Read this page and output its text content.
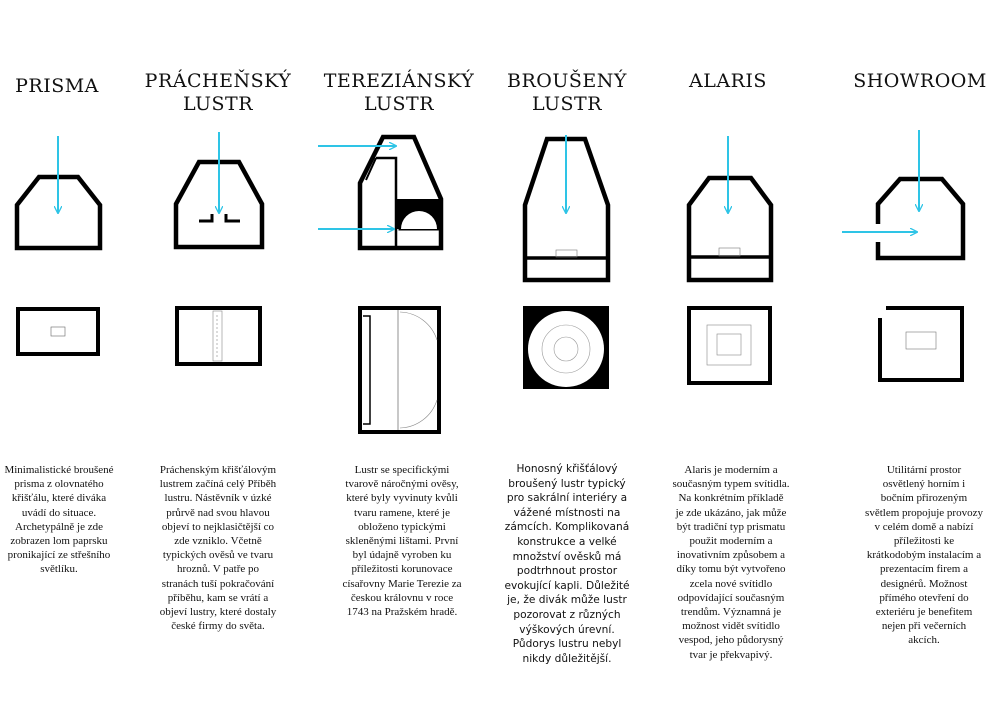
PRISMA PRÁCHEŇSKÝ
LUSTR
TEREZIÁNSKÝ
LUSTR
BROUŠENÝ
LUSTR
ALARIS	SHOWROOM
Minimalistické broušené
prisma z olovnatého
křišťálu, které diváka
uvádí do situace.
Archetypálně je zde
zobrazen lom paprsku
pronikající ze střešního
světlíku.
Práchenským křišťálovým
lustrem začíná celý Příběh
lustru. Nástěvník v úzké
průrvě nad svou hlavou
objeví to nejklasičtější co
zde vzniklo. Včetně
typických ověsů ve tvaru
hroznů. V patře po
stranách tuší pokračování
příběhu, kam se vrátí a
objeví lustry, které dostaly
české firmy do světa.
Lustr se specifickými
tvarově náročnými ověsy,
které byly vyvinuty kvůli
tvaru ramene, které je
obloženo typickými
skleněnými lištami. První
byl údajně vyroben ku
příležitosti korunovace
císařovny Marie Terezie za
českou královnu v roce
1743 na Pražském hradě.
Honosný křišťálový
broušený lustr typický
pro sakrální interiéry a
vážené místnosti na
zámcích. Komplikovaná
konstrukce a velké
množství ověsků má
podtrhnout prostor
evokující kapli. Důležité
je, že divák může lustr
pozorovat z různých
výškových úrevní.
Půdorys lustru nebyl
nikdy důležitější.
Alaris je moderním a
současným typem svítidla.
Na konkrétním příkladě
je zde ukázáno, jak může
být tradiční typ prismatu
použit moderním a
inovativním způsobem a
díky tomu být vytvořeno
zcela nové svítidlo
odpovídající současným
trendům. Významná je
možnost vidět svítidlo
vespod, jeho půdorysný
tvar je překvapivý.
Utilitární prostor
osvětlený horním i
bočním přirozeným
světlem propojuje provozy
v celém domě a nabízí
příležitosti ke
krátkodobým instalacím a
prezentacím firem a
designérů. Možnost
přímého otevření do
exteriéru je benefitem
nejen při večerních
akcích.
